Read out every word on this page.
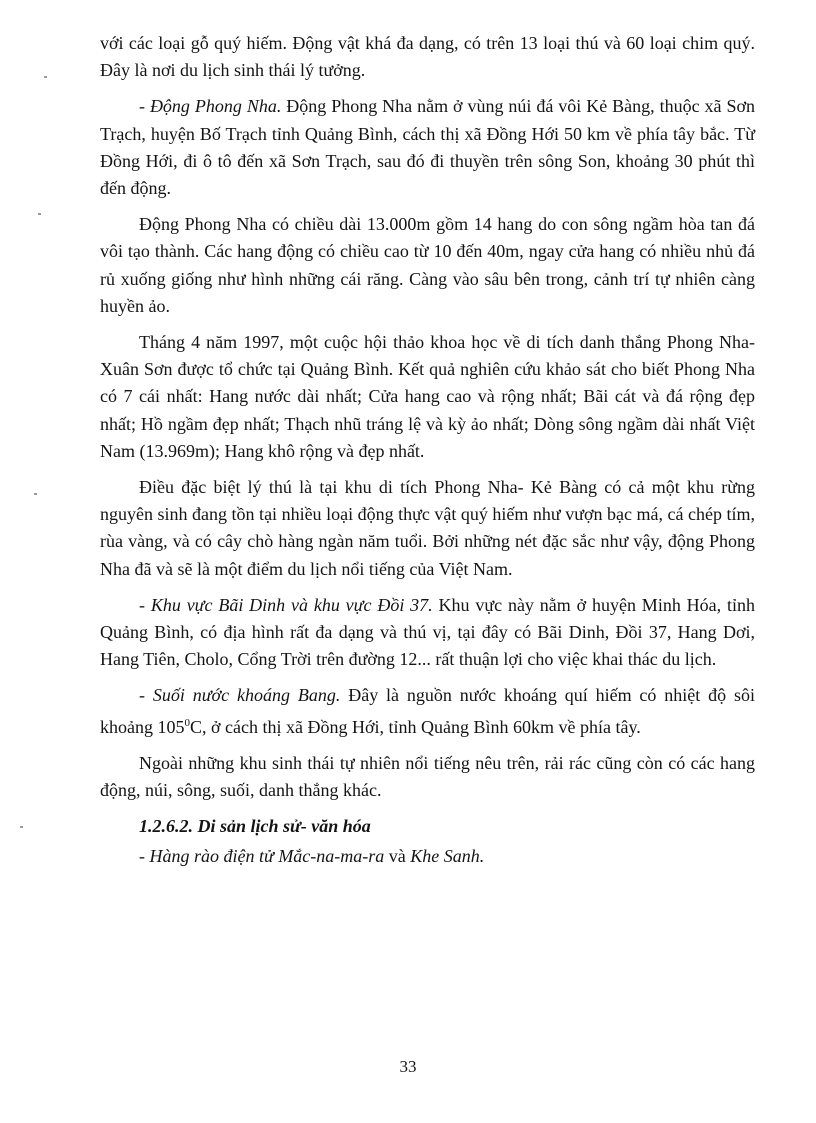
với các loại gỗ quý hiếm. Động vật khá đa dạng, có trên 13 loại thú và 60 loại chim quý. Đây là nơi du lịch sinh thái lý tưởng.

- Động Phong Nha. Động Phong Nha nằm ở vùng núi đá vôi Kẻ Bàng, thuộc xã Sơn Trạch, huyện Bố Trạch tỉnh Quảng Bình, cách thị xã Đồng Hới 50 km về phía tây bắc. Từ Đồng Hới, đi ô tô đến xã Sơn Trạch, sau đó đi thuyền trên sông Son, khoảng 30 phút thì đến động.

Động Phong Nha có chiều dài 13.000m gồm 14 hang do con sông ngầm hòa tan đá vôi tạo thành. Các hang động có chiều cao từ 10 đến 40m, ngay cửa hang có nhiều nhủ đá rủ xuống giống như hình những cái răng. Càng vào sâu bên trong, cảnh trí tự nhiên càng huyền ảo.

Tháng 4 năm 1997, một cuộc hội thảo khoa học về di tích danh thắng Phong Nha- Xuân Sơn được tổ chức tại Quảng Bình. Kết quả nghiên cứu khảo sát cho biết Phong Nha có 7 cái nhất: Hang nước dài nhất; Cửa hang cao và rộng nhất; Bãi cát và đá rộng đẹp nhất; Hồ ngầm đẹp nhất; Thạch nhũ tráng lệ và kỳ ảo nhất; Dòng sông ngầm dài nhất Việt Nam (13.969m); Hang khô rộng và đẹp nhất.

Điều đặc biệt lý thú là tại khu di tích Phong Nha- Kẻ Bàng có cả một khu rừng nguyên sinh đang tồn tại nhiều loại động thực vật quý hiếm như vượn bạc má, cá chép tím, rùa vàng, và có cây chò hàng ngàn năm tuổi. Bởi những nét đặc sắc như vậy, động Phong Nha đã và sẽ là một điểm du lịch nổi tiếng của Việt Nam.

- Khu vực Bãi Dinh và khu vực Đồi 37. Khu vực này nằm ở huyện Minh Hóa, tỉnh Quảng Bình, có địa hình rất đa dạng và thú vị, tại đây có Bãi Dinh, Đồi 37, Hang Dơi, Hang Tiên, Cholo, Cổng Trời trên đường 12... rất thuận lợi cho việc khai thác du lịch.

- Suối nước khoáng Bang. Đây là nguồn nước khoáng quí hiếm có nhiệt độ sôi khoảng $105^0C$, ở cách thị xã Đồng Hới, tỉnh Quảng Bình 60km về phía tây.

Ngoài những khu sinh thái tự nhiên nổi tiếng nêu trên, rải rác cũng còn có các hang động, núi, sông, suối, danh thắng khác.

1.2.6.2. Di sản lịch sử- văn hóa

- Hàng rào điện tử Mắc-na-ma-ra và Khe Sanh.

33
